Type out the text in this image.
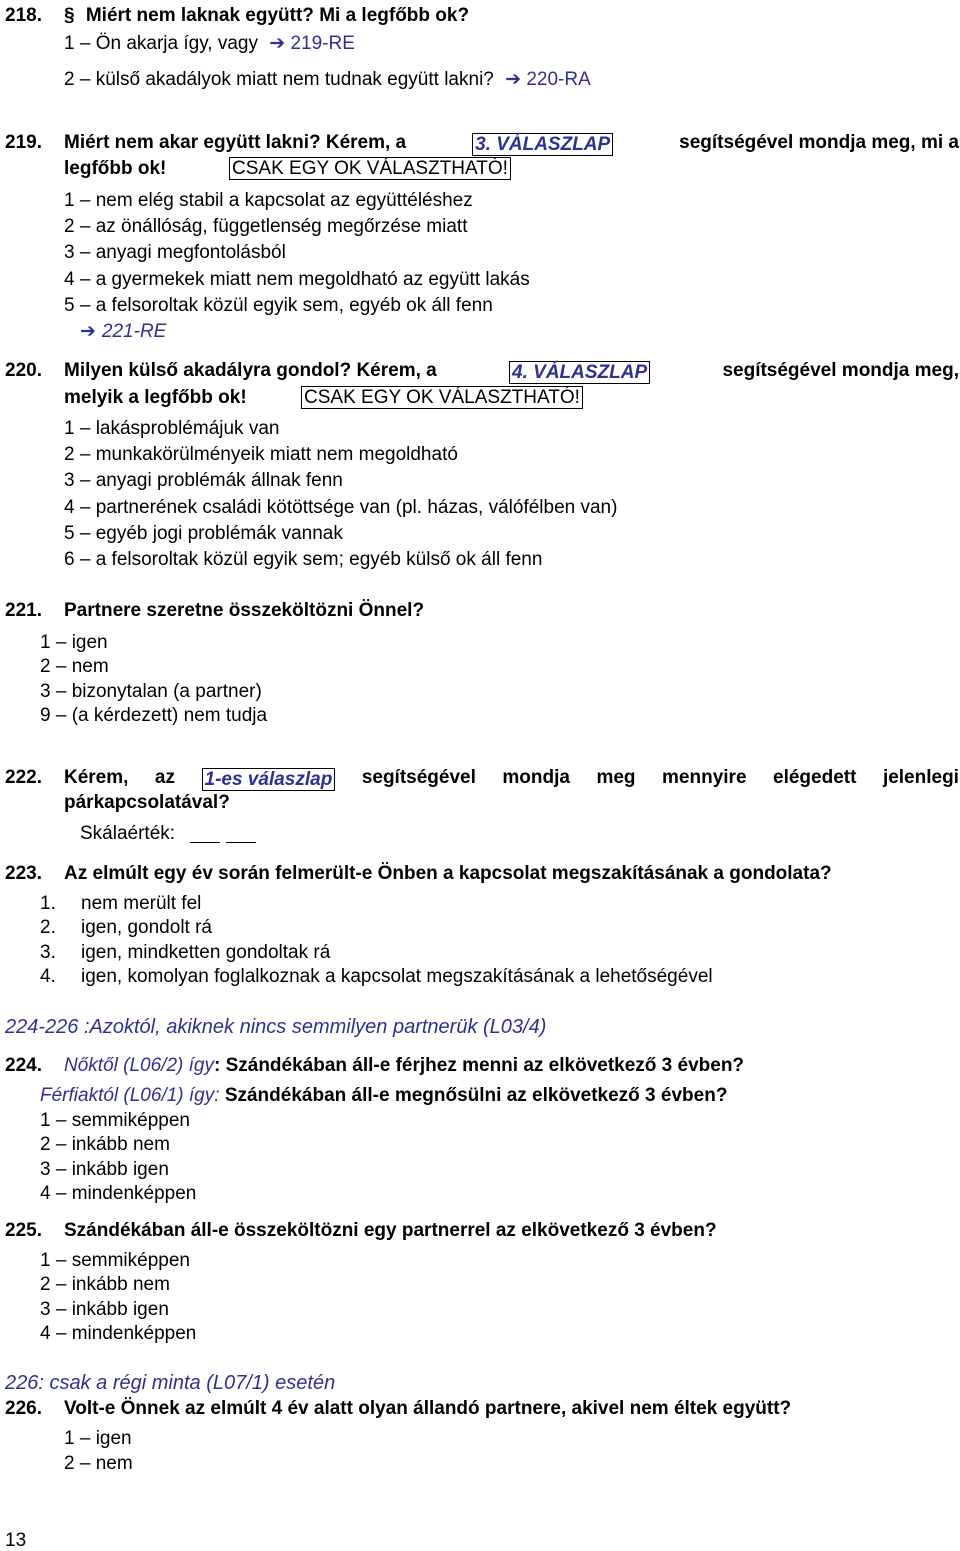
218. § Miért nem laknak együtt? Mi a legfőbb ok?
1 – Ön akarja így, vagy ➔ 219-RE
2 – külső akadályok miatt nem tudnak együtt lakni? ➔ 220-RA
219. Miért nem akar együtt lakni? Kérem, a	3. VÁLASZLAP	segítségével mondja meg, mi a
legfőbb ok!	CSAK EGY OK VÁLASZTHATÓ!
1 – nem elég stabil a kapcsolat az együttéléshez
2 – az önállóság, függetlenség megőrzése miatt
3 – anyagi megfontolásból
4 – a gyermekek miatt nem megoldható az együtt lakás
5 – a felsoroltak közül egyik sem, egyéb ok áll fenn
➔ 221-RE
220. Milyen külső akadályra gondol? Kérem, a	4. VÁLASZLAP	segítségével mondja meg,
melyik a legfőbb ok!	CSAK EGY OK VÁLASZTHATÓ!
1 – lakásproblémájuk van
2 – munkakörülményeik miatt nem megoldható
3 – anyagi problémák állnak fenn
4 – partnerének családi kötöttsége van (pl. házas, válófélben van)
5 – egyéb jogi problémák vannak
6 – a felsoroltak közül egyik sem; egyéb külső ok áll fenn
221. Partnere szeretne összeköltözni Önnel?
1 – igen
2 – nem
3 – bizonytalan (a partner)
9 – (a kérdezett) nem tudja
222. Kérem, az 1-es válaszlap segítségével mondja meg mennyire elégedett jelenlegi
párkapcsolatával?
Skálaérték:
223. Az elmúlt egy év során felmerült-e Önben a kapcsolat megszakításának a gondolata?
1. nem merült fel
2. igen, gondolt rá
3. igen, mindketten gondoltak rá
4. igen, komolyan foglalkoznak a kapcsolat megszakításának a lehetőségével
224-226 :Azoktól, akiknek nincs semmilyen partnerük (L03/4)
224. Nőktől (L06/2) így: Szándékában áll-e férjhez menni az elkövetkező 3 évben?
Férfiaktól (L06/1) így: Szándékában áll-e megnősülni az elkövetkező 3 évben?
1 – semmiképpen
2 – inkább nem
3 – inkább igen
4 – mindenképpen
225. Szándékában áll-e összeköltözni egy partnerrel az elkövetkező 3 évben?
1 – semmiképpen
2 – inkább nem
3 – inkább igen
4 – mindenképpen
226: csak a régi minta (L07/1) esetén
226. Volt-e Önnek az elmúlt 4 év alatt olyan állandó partnere, akivel nem éltek együtt?
1 – igen
2 – nem
13
